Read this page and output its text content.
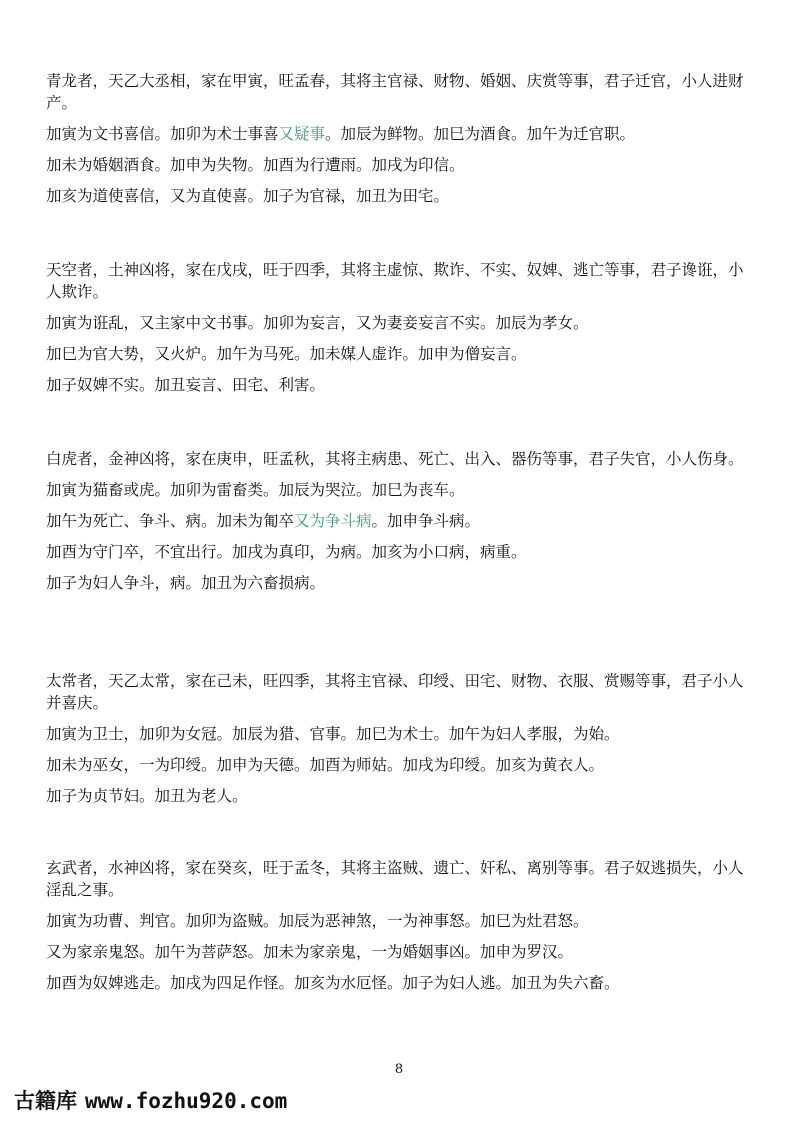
青龙者，天乙大丞相，家在甲寅，旺孟春，其将主官禄、财物、婚姻、庆赏等事，君子迁官，小人进财产。
加寅为文书喜信。加卯为术士事喜又疑事。加辰为鲜物。加巳为酒食。加午为迁官职。
加未为婚姻酒食。加申为失物。加酉为行遭雨。加戌为印信。
加亥为道使喜信，又为直使喜。加子为官禄，加丑为田宅。
天空者，土神凶将，家在戊戌，旺于四季，其将主虚惊、欺诈、不实、奴婢、逃亡等事，君子谗诳，小人欺诈。
加寅为诳乱，又主家中文书事。加卯为妄言，又为妻妾妄言不实。加辰为孝女。
加巳为官大势，又火炉。加午为马死。加未媒人虚诈。加申为僧妄言。
加子奴婢不实。加丑妄言、田宅、利害。
白虎者，金神凶将，家在庚申，旺孟秋，其将主病患、死亡、出入、器伤等事，君子失官，小人伤身。
加寅为猫畜或虎。加卯为雷畜类。加辰为哭泣。加巳为丧车。
加午为死亡、争斗、病。加未为匍卒又为争斗病。加申争斗病。
加酉为守门卒，不宜出行。加戌为真印，为病。加亥为小口病，病重。
加子为妇人争斗，病。加丑为六畜损病。
太常者，天乙太常，家在己未，旺四季，其将主官禄、印绶、田宅、财物、衣服、赏赐等事，君子小人并喜庆。
加寅为卫士，加卯为女冠。加辰为猎、官事。加巳为术士。加午为妇人孝服，为始。
加未为巫女，一为印绶。加申为天德。加酉为师姑。加戌为印绶。加亥为黄衣人。
加子为贞节妇。加丑为老人。
玄武者，水神凶将，家在癸亥，旺于孟冬，其将主盗贼、遗亡、奸私、离别等事。君子奴逃损失，小人淫乱之事。
加寅为功曹、判官。加卯为盗贼。加辰为恶神煞，一为神事怒。加巳为灶君怒。
又为家亲鬼怒。加午为菩萨怒。加未为家亲鬼，一为婚姻事凶。加申为罗汉。
加酉为奴婢逃走。加戌为四足作怪。加亥为水厄怪。加子为妇人逃。加丑为失六畜。
8
古籍库 www.fozhu920.com
